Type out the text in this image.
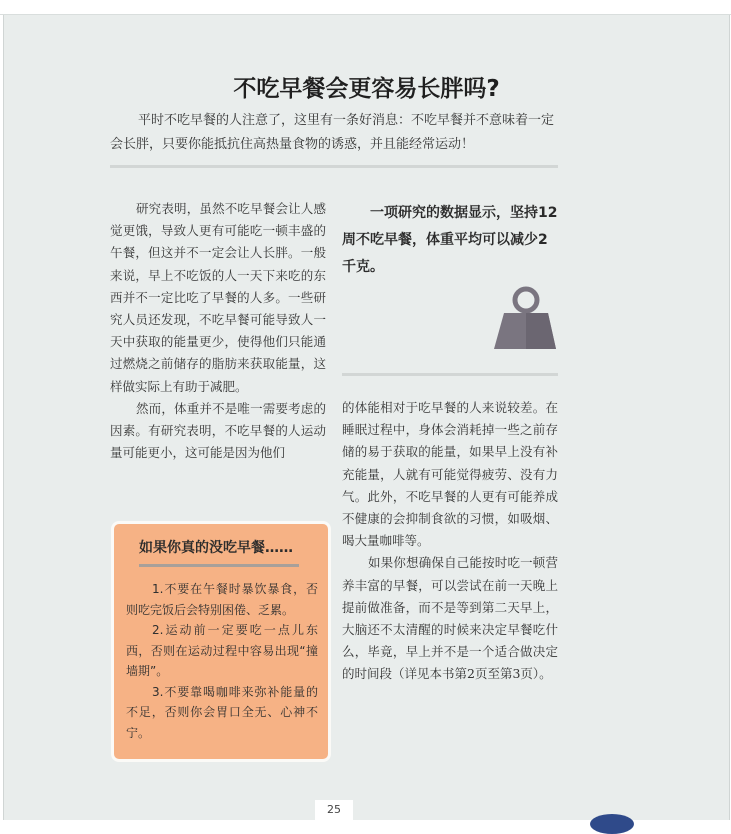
不吃早餐会更容易长胖吗?
平时不吃早餐的人注意了，这里有一条好消息：不吃早餐并不意味着一定会长胖，只要你能抵抗住高热量食物的诱惑，并且能经常运动！

研究表明，虽然不吃早餐会让人感觉更饿，导致人更有可能吃一顿丰盛的午餐，但这并不一定会让人长胖。一般来说，早上不吃饭的人一天下来吃的东西并不一定比吃了早餐的人多。一些研究人员还发现，不吃早餐可能导致人一天中获取的能量更少，使得他们只能通过燃烧之前储存的脂肪来获取能量，这样做实际上有助于减肥。

然而，体重并不是唯一需要考虑的因素。有研究表明，不吃早餐的人运动量可能更小，这可能是因为他们

一项研究的数据显示，坚持12周不吃早餐，体重平均可以减少2千克。

的体能相对于吃早餐的人来说较差。在睡眠过程中，身体会消耗掉一些之前存储的易于获取的能量，如果早上没有补充能量，人就有可能觉得疲劳、没有力气。此外，不吃早餐的人更有可能养成不健康的会抑制食欲的习惯，如吸烟、喝大量咖啡等。

如果你想确保自己能按时吃一顿营养丰富的早餐，可以尝试在前一天晚上提前做准备，而不是等到第二天早上，大脑还不太清醒的时候来决定早餐吃什么，毕竟，早上并不是一个适合做决定的时间段（详见本书第2页至第3页）。

如果你真的没吃早餐……

1.不要在午餐时暴饮暴食，否则吃完饭后会特别困倦、乏累。

2.运动前一定要吃一点儿东西，否则在运动过程中容易出现“撞墙期”。

3.不要靠喝咖啡来弥补能量的不足，否则你会胃口全无、心神不宁。

25
